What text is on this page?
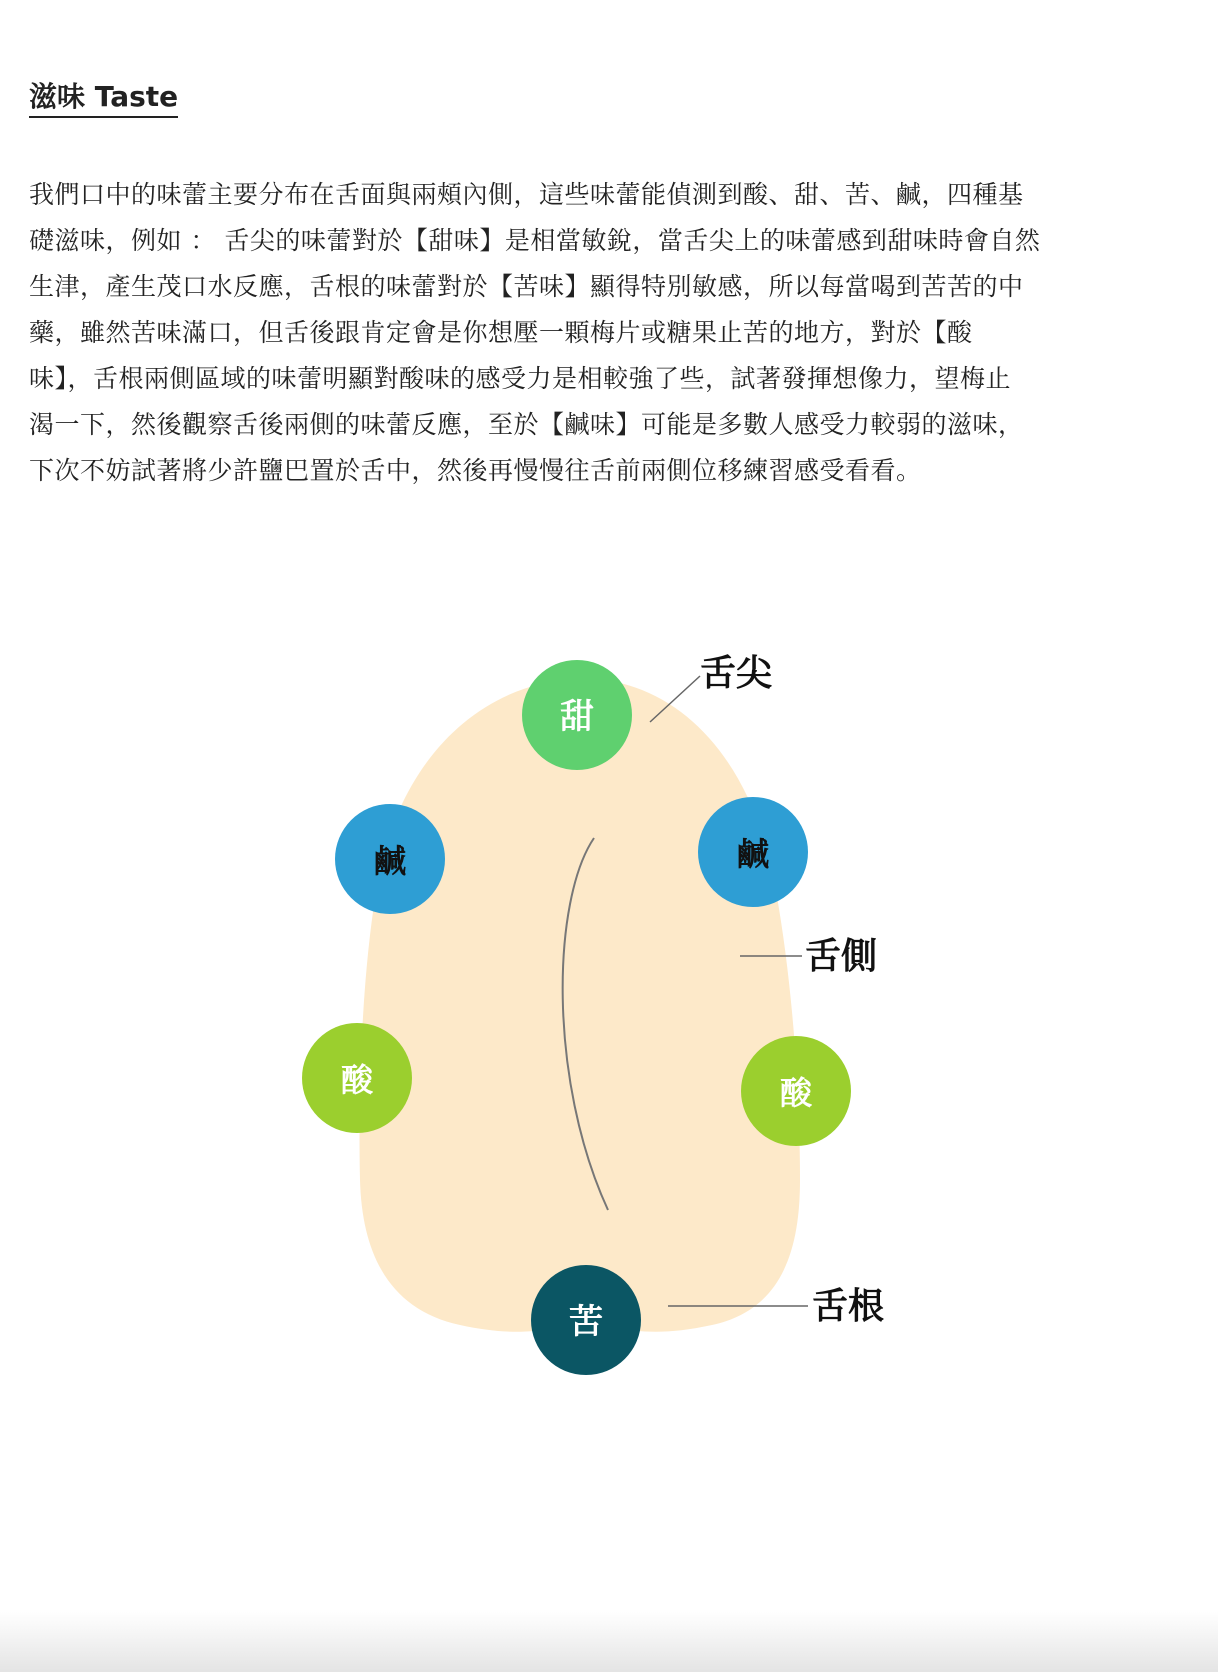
滋味 Taste

我們口中的味蕾主要分布在舌面與兩頰內側，這些味蕾能偵測到酸、甜、苦、鹹，四種基
礎滋味，例如 ： 舌尖的味蕾對於【甜味】是相當敏銳，當舌尖上的味蕾感到甜味時會自然
生津，產生茂口水反應，舌根的味蕾對於【苦味】顯得特別敏感，所以每當喝到苦苦的中
藥，雖然苦味滿口，但舌後跟肯定會是你想壓一顆梅片或糖果止苦的地方，對於【酸
味】，舌根兩側區域的味蕾明顯對酸味的感受力是相較強了些，試著發揮想像力，望梅止
渴一下，然後觀察舌後兩側的味蕾反應，至於【鹹味】可能是多數人感受力較弱的滋味，
下次不妨試著將少許鹽巴置於舌中，然後再慢慢往舌前兩側位移練習感受看看。

甜
鹹	鹹
酸	酸
苦
舌尖
舌側
舌根
